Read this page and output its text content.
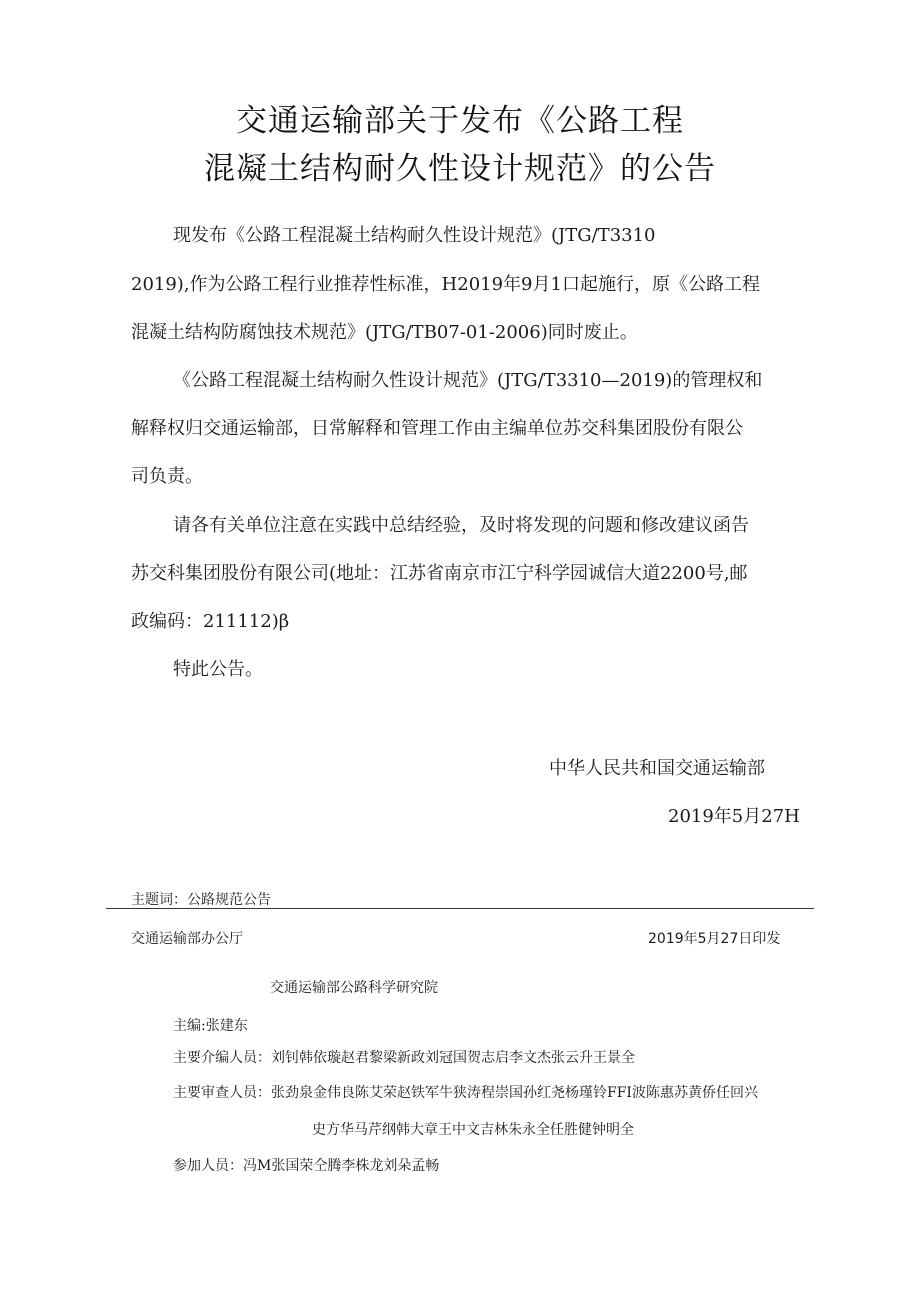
交通运输部关于发布《公路工程
混凝土结构耐久性设计规范》的公告
现发布《公路工程混凝土结构耐久性设计规范》(JTG/T3310
2019),作为公路工程行业推荐性标准，H2019年9月1口起施行，原《公路工程
混凝土结构防腐蚀技术规范》(JTG/TB07-01-2006)同时废止。
《公路工程混凝土结构耐久性设计规范》(JTG/T3310—2019)的管理权和
解释权归交通运输部，日常解释和管理工作由主编单位苏交科集团股份有限公
司负责。
请各有关单位注意在实践中总结经验，及时将发现的问题和修改建议函告
苏交科集团股份有限公司(地址：江苏省南京市江宁科学园诚信大道2200号,邮
政编码：211112)β
特此公告。
中华人民共和国交通运输部
2019年5月27H
主题词：公路规范公告
交通运输部办公厅	2019年5月27日印发
交通运输部公路科学研究院
主编:张建东
主要介编人员：刘钊韩依璇赵君黎梁新政刘冠国贺志启李文杰张云升王景全
主要审查人员：张劲泉金伟良陈艾荣赵铁军牛狭涛程崇国孙红尧杨瑾铃FFI波陈惠苏黄侨任回兴
史方华马芹纲韩大章王中文吉林朱永全任胜健钟明全
参加人员：冯M张国荣仝腾李株龙刘朵孟畅
